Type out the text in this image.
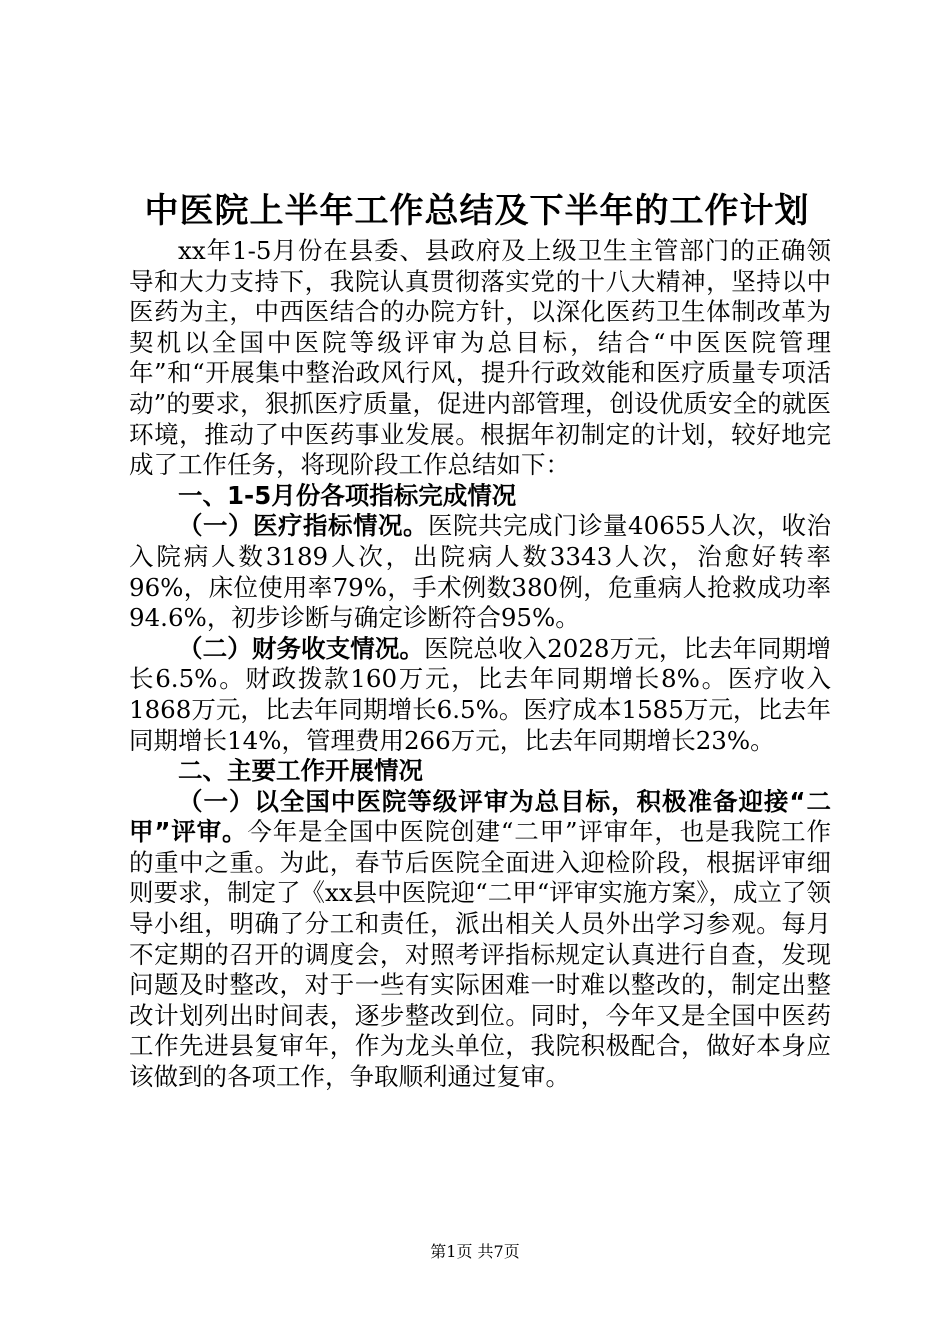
中医院上半年工作总结及下半年的工作计划

xx年1-5月份在县委、县政府及上级卫生主管部门的正确领导和大力支持下，我院认真贯彻落实党的十八大精神，坚持以中医药为主，中西医结合的办院方针，以深化医药卫生体制改革为契机以全国中医院等级评审为总目标，结合“中医医院管理年”和“开展集中整治政风行风，提升行政效能和医疗质量专项活动”的要求，狠抓医疗质量，促进内部管理，创设优质安全的就医环境，推动了中医药事业发展。根据年初制定的计划，较好地完成了工作任务，将现阶段工作总结如下：

一、1-5月份各项指标完成情况

（一）医疗指标情况。医院共完成门诊量40655人次，收治入院病人数3189人次，出院病人数3343人次，治愈好转率96%，床位使用率79%，手术例数380例，危重病人抢救成功率94.6%，初步诊断与确定诊断符合95%。

（二）财务收支情况。医院总收入2028万元，比去年同期增长6.5%。财政拨款160万元，比去年同期增长8%。医疗收入1868万元，比去年同期增长6.5%。医疗成本1585万元，比去年同期增长14%，管理费用266万元，比去年同期增长23%。

二、主要工作开展情况

（一）以全国中医院等级评审为总目标，积极准备迎接“二甲”评审。今年是全国中医院创建“二甲”评审年，也是我院工作的重中之重。为此，春节后医院全面进入迎检阶段，根据评审细则要求，制定了《xx县中医院迎“二甲“评审实施方案》，成立了领导小组，明确了分工和责任，派出相关人员外出学习参观。每月不定期的召开的调度会，对照考评指标规定认真进行自查，发现问题及时整改，对于一些有实际困难一时难以整改的，制定出整改计划列出时间表，逐步整改到位。同时，今年又是全国中医药工作先进县复审年，作为龙头单位，我院积极配合，做好本身应该做到的各项工作，争取顺利通过复审。

第1页 共7页
